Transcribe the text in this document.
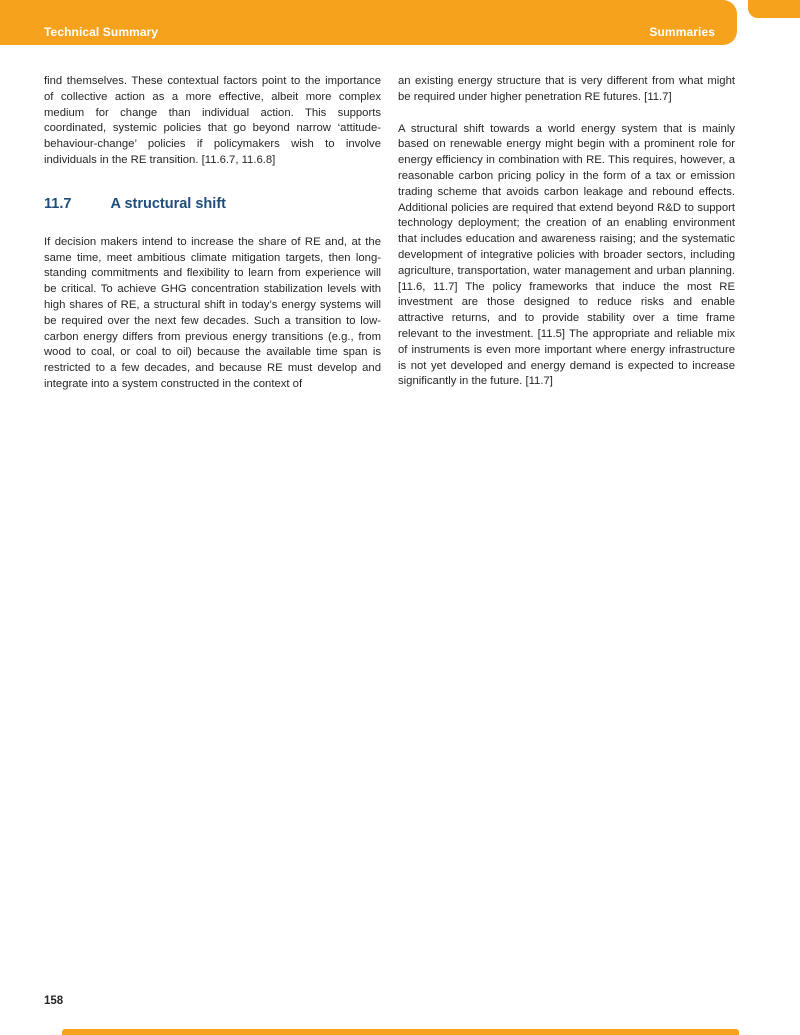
Technical Summary	Summaries

find themselves. These contextual factors point to the importance of collective action as a more effective, albeit more complex medium for change than individual action. This supports coordinated, systemic policies that go beyond narrow ‘attitude-behaviour-change’ policies if policymakers wish to involve individuals in the RE transition. [11.6.7, 11.6.8]

11.7	A structural shift

If decision makers intend to increase the share of RE and, at the same time, meet ambitious climate mitigation targets, then long-standing commitments and flexibility to learn from experience will be critical. To achieve GHG concentration stabilization levels with high shares of RE, a structural shift in today’s energy systems will be required over the next few decades. Such a transition to low-carbon energy differs from previous energy transitions (e.g., from wood to coal, or coal to oil) because the available time span is restricted to a few decades, and because RE must develop and integrate into a system constructed in the context of

an existing energy structure that is very different from what might be required under higher penetration RE futures. [11.7]

A structural shift towards a world energy system that is mainly based on renewable energy might begin with a prominent role for energy efficiency in combination with RE. This requires, however, a reasonable carbon pricing policy in the form of a tax or emission trading scheme that avoids carbon leakage and rebound effects. Additional policies are required that extend beyond R&D to support technology deployment; the creation of an enabling environment that includes education and awareness raising; and the systematic development of integrative policies with broader sectors, including agriculture, transportation, water management and urban planning. [11.6, 11.7] The policy frameworks that induce the most RE investment are those designed to reduce risks and enable attractive returns, and to provide stability over a time frame relevant to the investment. [11.5] The appropriate and reliable mix of instruments is even more important where energy infrastructure is not yet developed and energy demand is expected to increase significantly in the future. [11.7]

158
